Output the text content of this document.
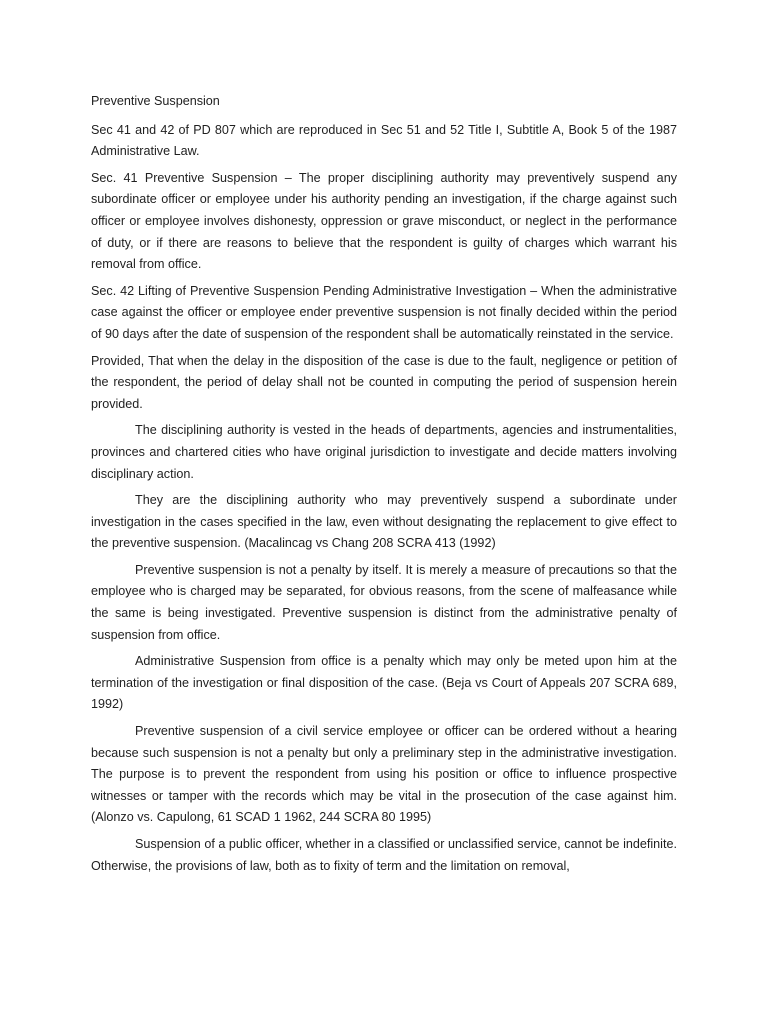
Preventive Suspension

Sec 41 and 42 of PD 807 which are reproduced in Sec 51 and 52 Title I, Subtitle A, Book 5 of the 1987 Administrative Law.

Sec. 41 Preventive Suspension – The proper disciplining authority may preventively suspend any subordinate officer or employee under his authority pending an investigation, if the charge against such officer or employee involves dishonesty, oppression or grave misconduct, or neglect in the performance of duty, or if there are reasons to believe that the respondent is guilty of charges which warrant his removal from office.

Sec. 42 Lifting of Preventive Suspension Pending Administrative Investigation – When the administrative case against the officer or employee ender preventive suspension is not finally decided within the period of 90 days after the date of suspension of the respondent shall be automatically reinstated in the service.

Provided, That when the delay in the disposition of the case is due to the fault, negligence or petition of the respondent, the period of delay shall not be counted in computing the period of suspension herein provided.

The disciplining authority is vested in the heads of departments, agencies and instrumentalities, provinces and chartered cities who have original jurisdiction to investigate and decide matters involving disciplinary action.

They are the disciplining authority who may preventively suspend a subordinate under investigation in the cases specified in the law, even without designating the replacement to give effect to the preventive suspension. (Macalincag vs Chang 208 SCRA 413 (1992)

Preventive suspension is not a penalty by itself. It is merely a measure of precautions so that the employee who is charged may be separated, for obvious reasons, from the scene of malfeasance while the same is being investigated. Preventive suspension is distinct from the administrative penalty of suspension from office.

Administrative Suspension from office is a penalty which may only be meted upon him at the termination of the investigation or final disposition of the case. (Beja vs Court of Appeals 207 SCRA 689, 1992)

Preventive suspension of a civil service employee or officer can be ordered without a hearing because such suspension is not a penalty but only a preliminary step in the administrative investigation. The purpose is to prevent the respondent from using his position or office to influence prospective witnesses or tamper with the records which may be vital in the prosecution of the case against him. (Alonzo vs. Capulong, 61 SCAD 1 1962, 244 SCRA 80 1995)

Suspension of a public officer, whether in a classified or unclassified service, cannot be indefinite. Otherwise, the provisions of law, both as to fixity of term and the limitation on removal,
